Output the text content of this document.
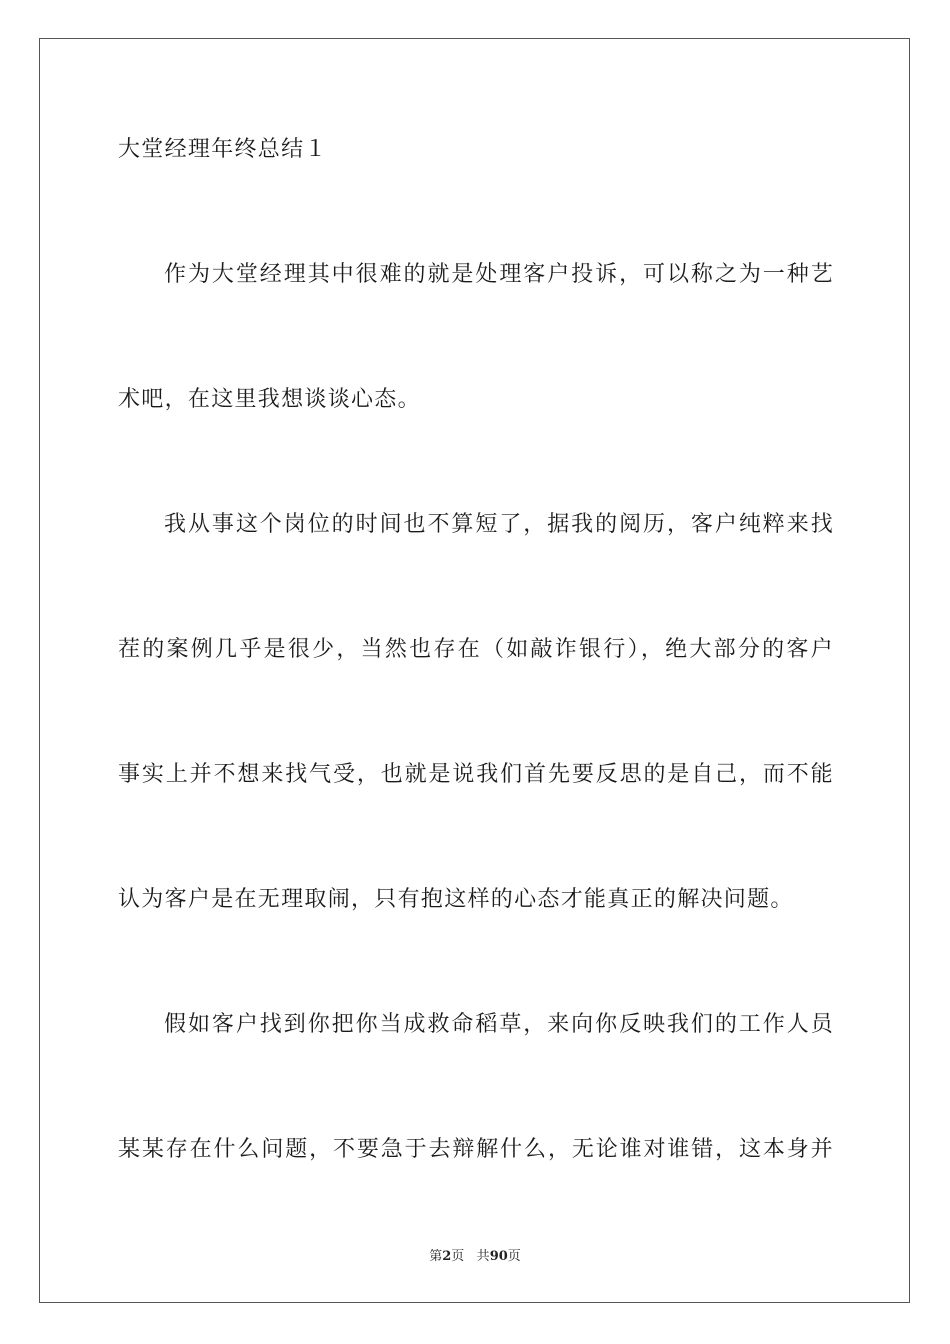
大堂经理年终总结１
作为大堂经理其中很难的就是处理客户投诉，可以称之为一种艺
术吧，在这里我想谈谈心态。
我从事这个岗位的时间也不算短了，据我的阅历，客户纯粹来找
茬的案例几乎是很少，当然也存在（如敲诈银行），绝大部分的客户
事实上并不想来找气受，也就是说我们首先要反思的是自己，而不能
认为客户是在无理取闹，只有抱这样的心态才能真正的解决问题。
假如客户找到你把你当成救命稻草，来向你反映我们的工作人员
某某存在什么问题，不要急于去辩解什么，无论谁对谁错，这本身并
第2页 共90页
